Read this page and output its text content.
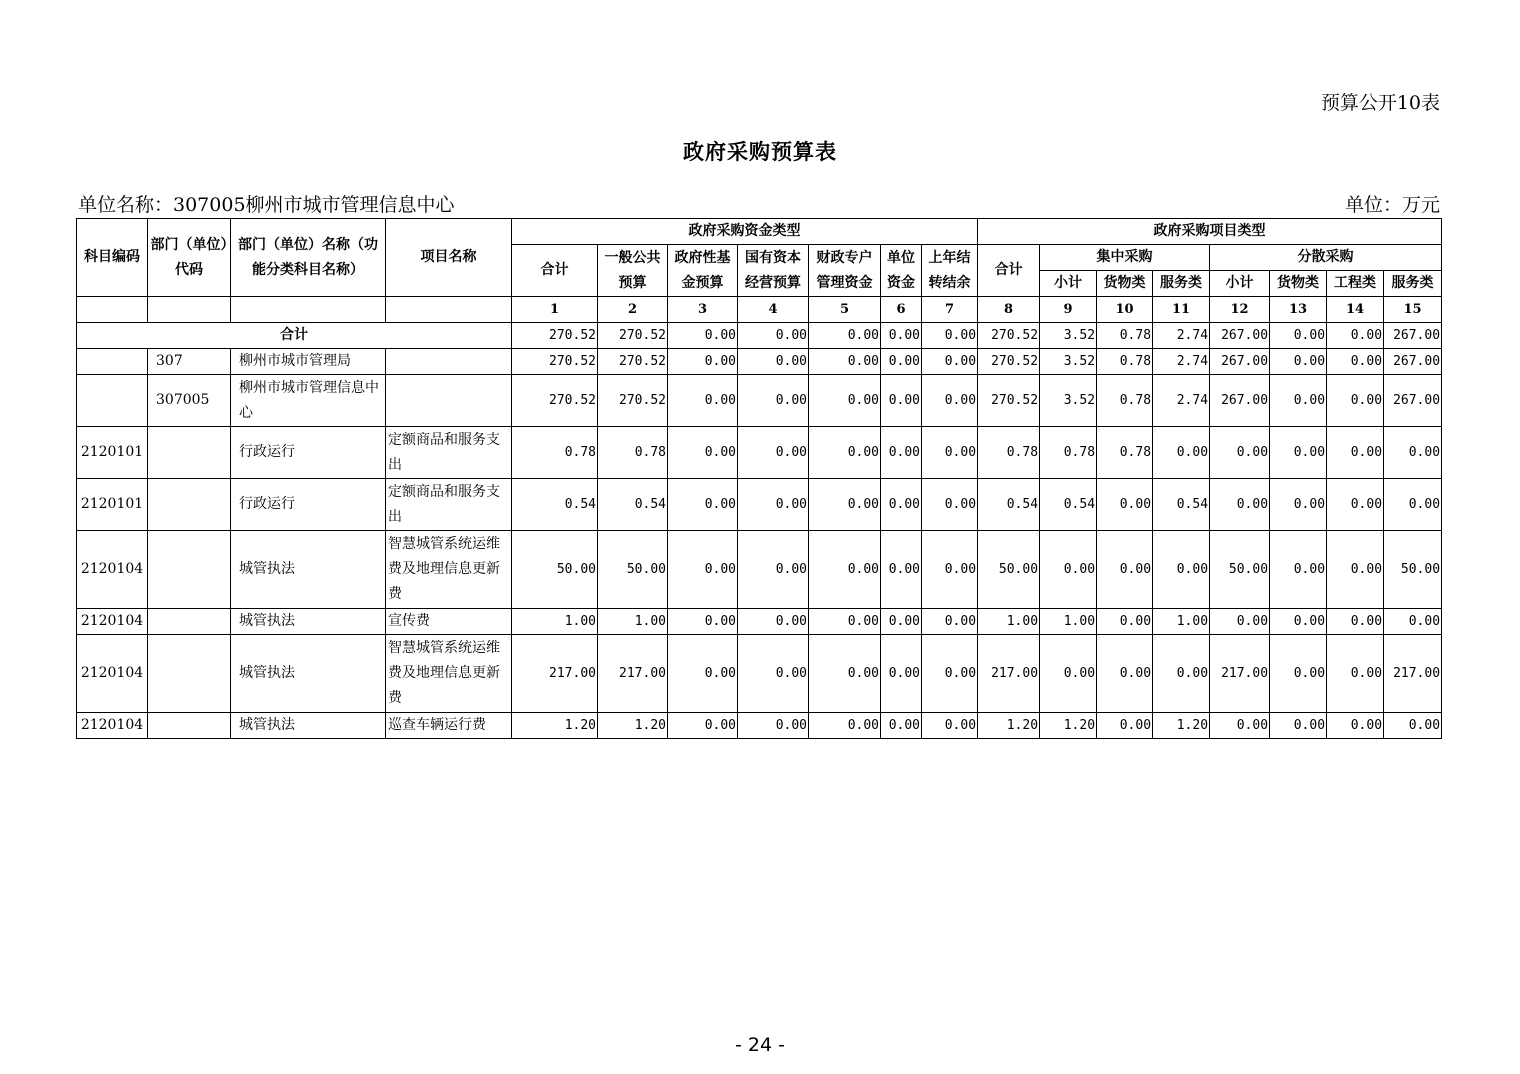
预算公开10表
政府采购预算表
单位名称：307005柳州市城市管理信息中心	单位：万元
科目编码	部门（单位）代码	部门（单位）名称（功能分类科目名称）	项目名称	政府采购资金类型							政府采购项目类型							
				合计	一般公共预算	政府性基金预算	国有资本经营预算	财政专户管理资金	单位资金	上年结转结余	合计	集中采购			分散采购			
												小计	货物类	服务类	小计	货物类	工程类	服务类
				1	2	3	4	5	6	7	8	9	10	11	12	13	14	15
合计				270.52	270.52	0.00	0.00	0.00	0.00	0.00	270.52	3.52	0.78	2.74	267.00	0.00	0.00	267.00
	307	柳州市城市管理局		270.52	270.52	0.00	0.00	0.00	0.00	0.00	270.52	3.52	0.78	2.74	267.00	0.00	0.00	267.00
	307005	柳州市城市管理信息中心		270.52	270.52	0.00	0.00	0.00	0.00	0.00	270.52	3.52	0.78	2.74	267.00	0.00	0.00	267.00
2120101		行政运行	定额商品和服务支出	0.78	0.78	0.00	0.00	0.00	0.00	0.00	0.78	0.78	0.78	0.00	0.00	0.00	0.00	0.00
2120101		行政运行	定额商品和服务支出	0.54	0.54	0.00	0.00	0.00	0.00	0.00	0.54	0.54	0.00	0.54	0.00	0.00	0.00	0.00
2120104		城管执法	智慧城管系统运维费及地理信息更新费	50.00	50.00	0.00	0.00	0.00	0.00	0.00	50.00	0.00	0.00	0.00	50.00	0.00	0.00	50.00
2120104		城管执法	宣传费	1.00	1.00	0.00	0.00	0.00	0.00	0.00	1.00	1.00	0.00	1.00	0.00	0.00	0.00	0.00
2120104		城管执法	智慧城管系统运维费及地理信息更新费	217.00	217.00	0.00	0.00	0.00	0.00	0.00	217.00	0.00	0.00	0.00	217.00	0.00	0.00	217.00
2120104		城管执法	巡查车辆运行费	1.20	1.20	0.00	0.00	0.00	0.00	0.00	1.20	1.20	0.00	1.20	0.00	0.00	0.00	0.00
- 24 -
